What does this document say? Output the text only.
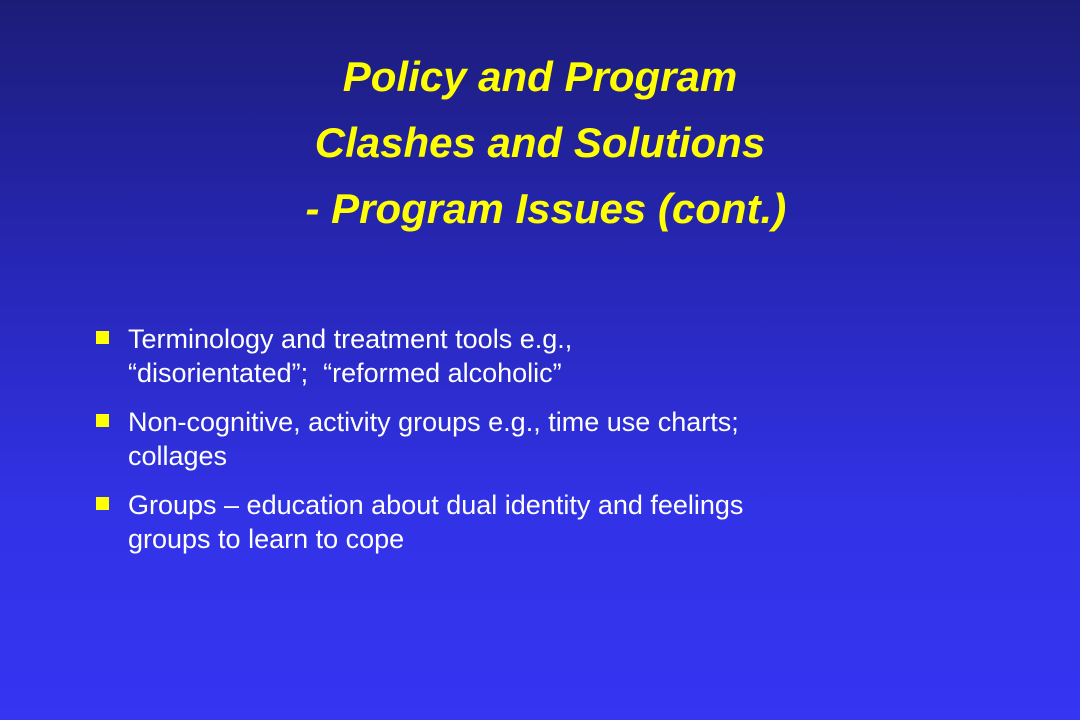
Policy and Program
Clashes and Solutions
- Program Issues (cont.)
Terminology and treatment tools e.g.,
“disorientated”;  “reformed alcoholic”
Non-cognitive, activity groups e.g., time use charts;
collages
Groups – education about dual identity and feelings
groups to learn to cope
